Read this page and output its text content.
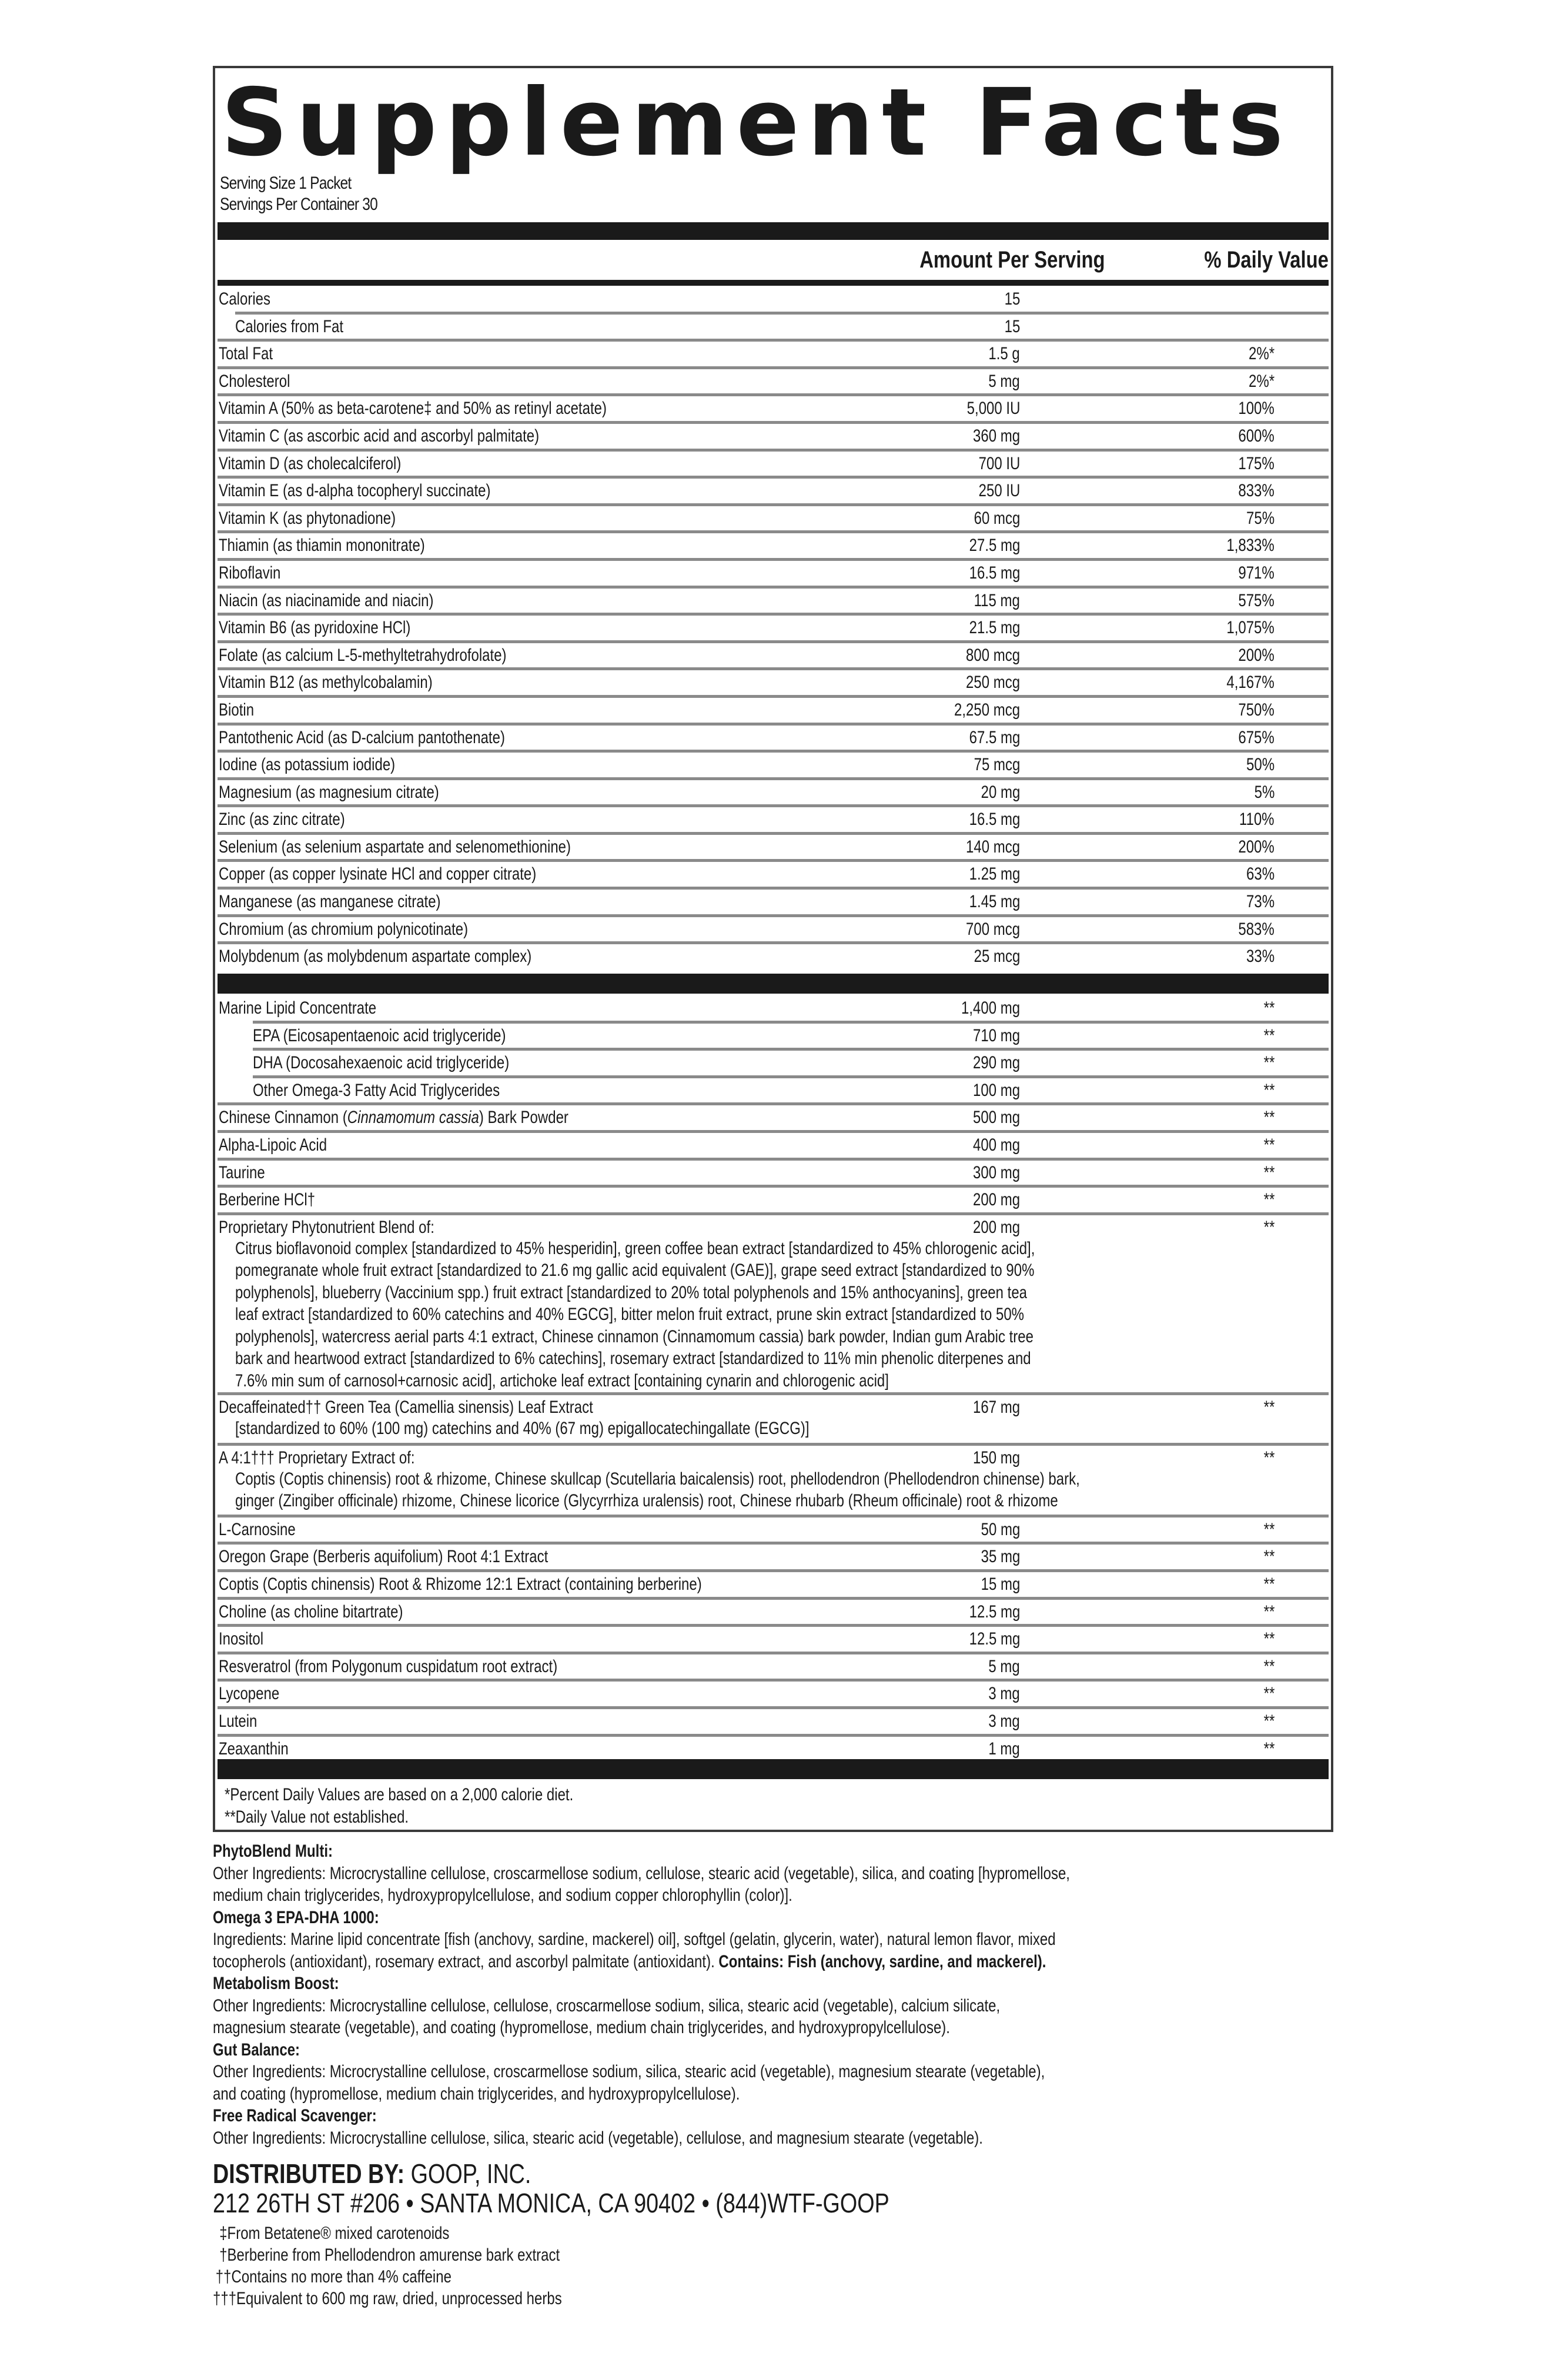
Supplement Facts
Serving Size 1 Packet
Servings Per Container 30
Amount Per Serving	% Daily Value
Calories	15
Calories from Fat	15
Total Fat	1.5 g	2%*
Cholesterol	5 mg	2%*
Vitamin A (50% as beta-carotene‡ and 50% as retinyl acetate)	5,000 IU	100%
Vitamin C (as ascorbic acid and ascorbyl palmitate)	360 mg	600%
Vitamin D (as cholecalciferol)	700 IU	175%
Vitamin E (as d-alpha tocopheryl succinate)	250 IU	833%
Vitamin K (as phytonadione)	60 mcg	75%
Thiamin (as thiamin mononitrate)	27.5 mg	1,833%
Riboflavin	16.5 mg	971%
Niacin (as niacinamide and niacin)	115 mg	575%
Vitamin B6 (as pyridoxine HCl)	21.5 mg	1,075%
Folate (as calcium L-5-methyltetrahydrofolate)	800 mcg	200%
Vitamin B12 (as methylcobalamin)	250 mcg	4,167%
Biotin	2,250 mcg	750%
Pantothenic Acid (as D-calcium pantothenate)	67.5 mg	675%
Iodine (as potassium iodide)	75 mcg	50%
Magnesium (as magnesium citrate)	20 mg	5%
Zinc (as zinc citrate)	16.5 mg	110%
Selenium (as selenium aspartate and selenomethionine)	140 mcg	200%
Copper (as copper lysinate HCl and copper citrate)	1.25 mg	63%
Manganese (as manganese citrate)	1.45 mg	73%
Chromium (as chromium polynicotinate)	700 mcg	583%
Molybdenum (as molybdenum aspartate complex)	25 mcg	33%
Marine Lipid Concentrate	1,400 mg	**
EPA (Eicosapentaenoic acid triglyceride)	710 mg	**
DHA (Docosahexaenoic acid triglyceride)	290 mg	**
Other Omega-3 Fatty Acid Triglycerides	100 mg	**
Chinese Cinnamon (Cinnamomum cassia) Bark Powder	500 mg	**
Alpha-Lipoic Acid	400 mg	**
Taurine	300 mg	**
Berberine HCl†	200 mg	**
Proprietary Phytonutrient Blend of:	200 mg	**
Citrus bioflavonoid complex [standardized to 45% hesperidin], green coffee bean extract [standardized to 45% chlorogenic acid],
pomegranate whole fruit extract [standardized to 21.6 mg gallic acid equivalent (GAE)], grape seed extract [standardized to 90%
polyphenols], blueberry (Vaccinium spp.) fruit extract [standardized to 20% total polyphenols and 15% anthocyanins], green tea
leaf extract [standardized to 60% catechins and 40% EGCG], bitter melon fruit extract, prune skin extract [standardized to 50%
polyphenols], watercress aerial parts 4:1 extract, Chinese cinnamon (Cinnamomum cassia) bark powder, Indian gum Arabic tree
bark and heartwood extract [standardized to 6% catechins], rosemary extract [standardized to 11% min phenolic diterpenes and
7.6% min sum of carnosol+carnosic acid], artichoke leaf extract [containing cynarin and chlorogenic acid]
Decaffeinated†† Green Tea (Camellia sinensis) Leaf Extract	167 mg	**
[standardized to 60% (100 mg) catechins and 40% (67 mg) epigallocatechingallate (EGCG)]
A 4:1††† Proprietary Extract of:	150 mg	**
Coptis (Coptis chinensis) root & rhizome, Chinese skullcap (Scutellaria baicalensis) root, phellodendron (Phellodendron chinense) bark,
ginger (Zingiber officinale) rhizome, Chinese licorice (Glycyrrhiza uralensis) root, Chinese rhubarb (Rheum officinale) root & rhizome
L-Carnosine	50 mg	**
Oregon Grape (Berberis aquifolium) Root 4:1 Extract	35 mg	**
Coptis (Coptis chinensis) Root & Rhizome 12:1 Extract (containing berberine)	15 mg	**
Choline (as choline bitartrate)	12.5 mg	**
Inositol	12.5 mg	**
Resveratrol (from Polygonum cuspidatum root extract)	5 mg	**
Lycopene	3 mg	**
Lutein	3 mg	**
Zeaxanthin	1 mg	**
*Percent Daily Values are based on a 2,000 calorie diet.
**Daily Value not established.
PhytoBlend Multi:
Other Ingredients: Microcrystalline cellulose, croscarmellose sodium, cellulose, stearic acid (vegetable), silica, and coating [hypromellose,
medium chain triglycerides, hydroxypropylcellulose, and sodium copper chlorophyllin (color)].
Omega 3 EPA-DHA 1000:
Ingredients: Marine lipid concentrate [fish (anchovy, sardine, mackerel) oil], softgel (gelatin, glycerin, water), natural lemon flavor, mixed
tocopherols (antioxidant), rosemary extract, and ascorbyl palmitate (antioxidant). Contains: Fish (anchovy, sardine, and mackerel).
Metabolism Boost:
Other Ingredients: Microcrystalline cellulose, cellulose, croscarmellose sodium, silica, stearic acid (vegetable), calcium silicate,
magnesium stearate (vegetable), and coating (hypromellose, medium chain triglycerides, and hydroxypropylcellulose).
Gut Balance:
Other Ingredients: Microcrystalline cellulose, croscarmellose sodium, silica, stearic acid (vegetable), magnesium stearate (vegetable),
and coating (hypromellose, medium chain triglycerides, and hydroxypropylcellulose).
Free Radical Scavenger:
Other Ingredients: Microcrystalline cellulose, silica, stearic acid (vegetable), cellulose, and magnesium stearate (vegetable).
DISTRIBUTED BY: GOOP, INC.
212 26TH ST #206 • SANTA MONICA, CA 90402 • (844)WTF-GOOP
‡From Betatene® mixed carotenoids
†Berberine from Phellodendron amurense bark extract
††Contains no more than 4% caffeine
†††Equivalent to 600 mg raw, dried, unprocessed herbs
